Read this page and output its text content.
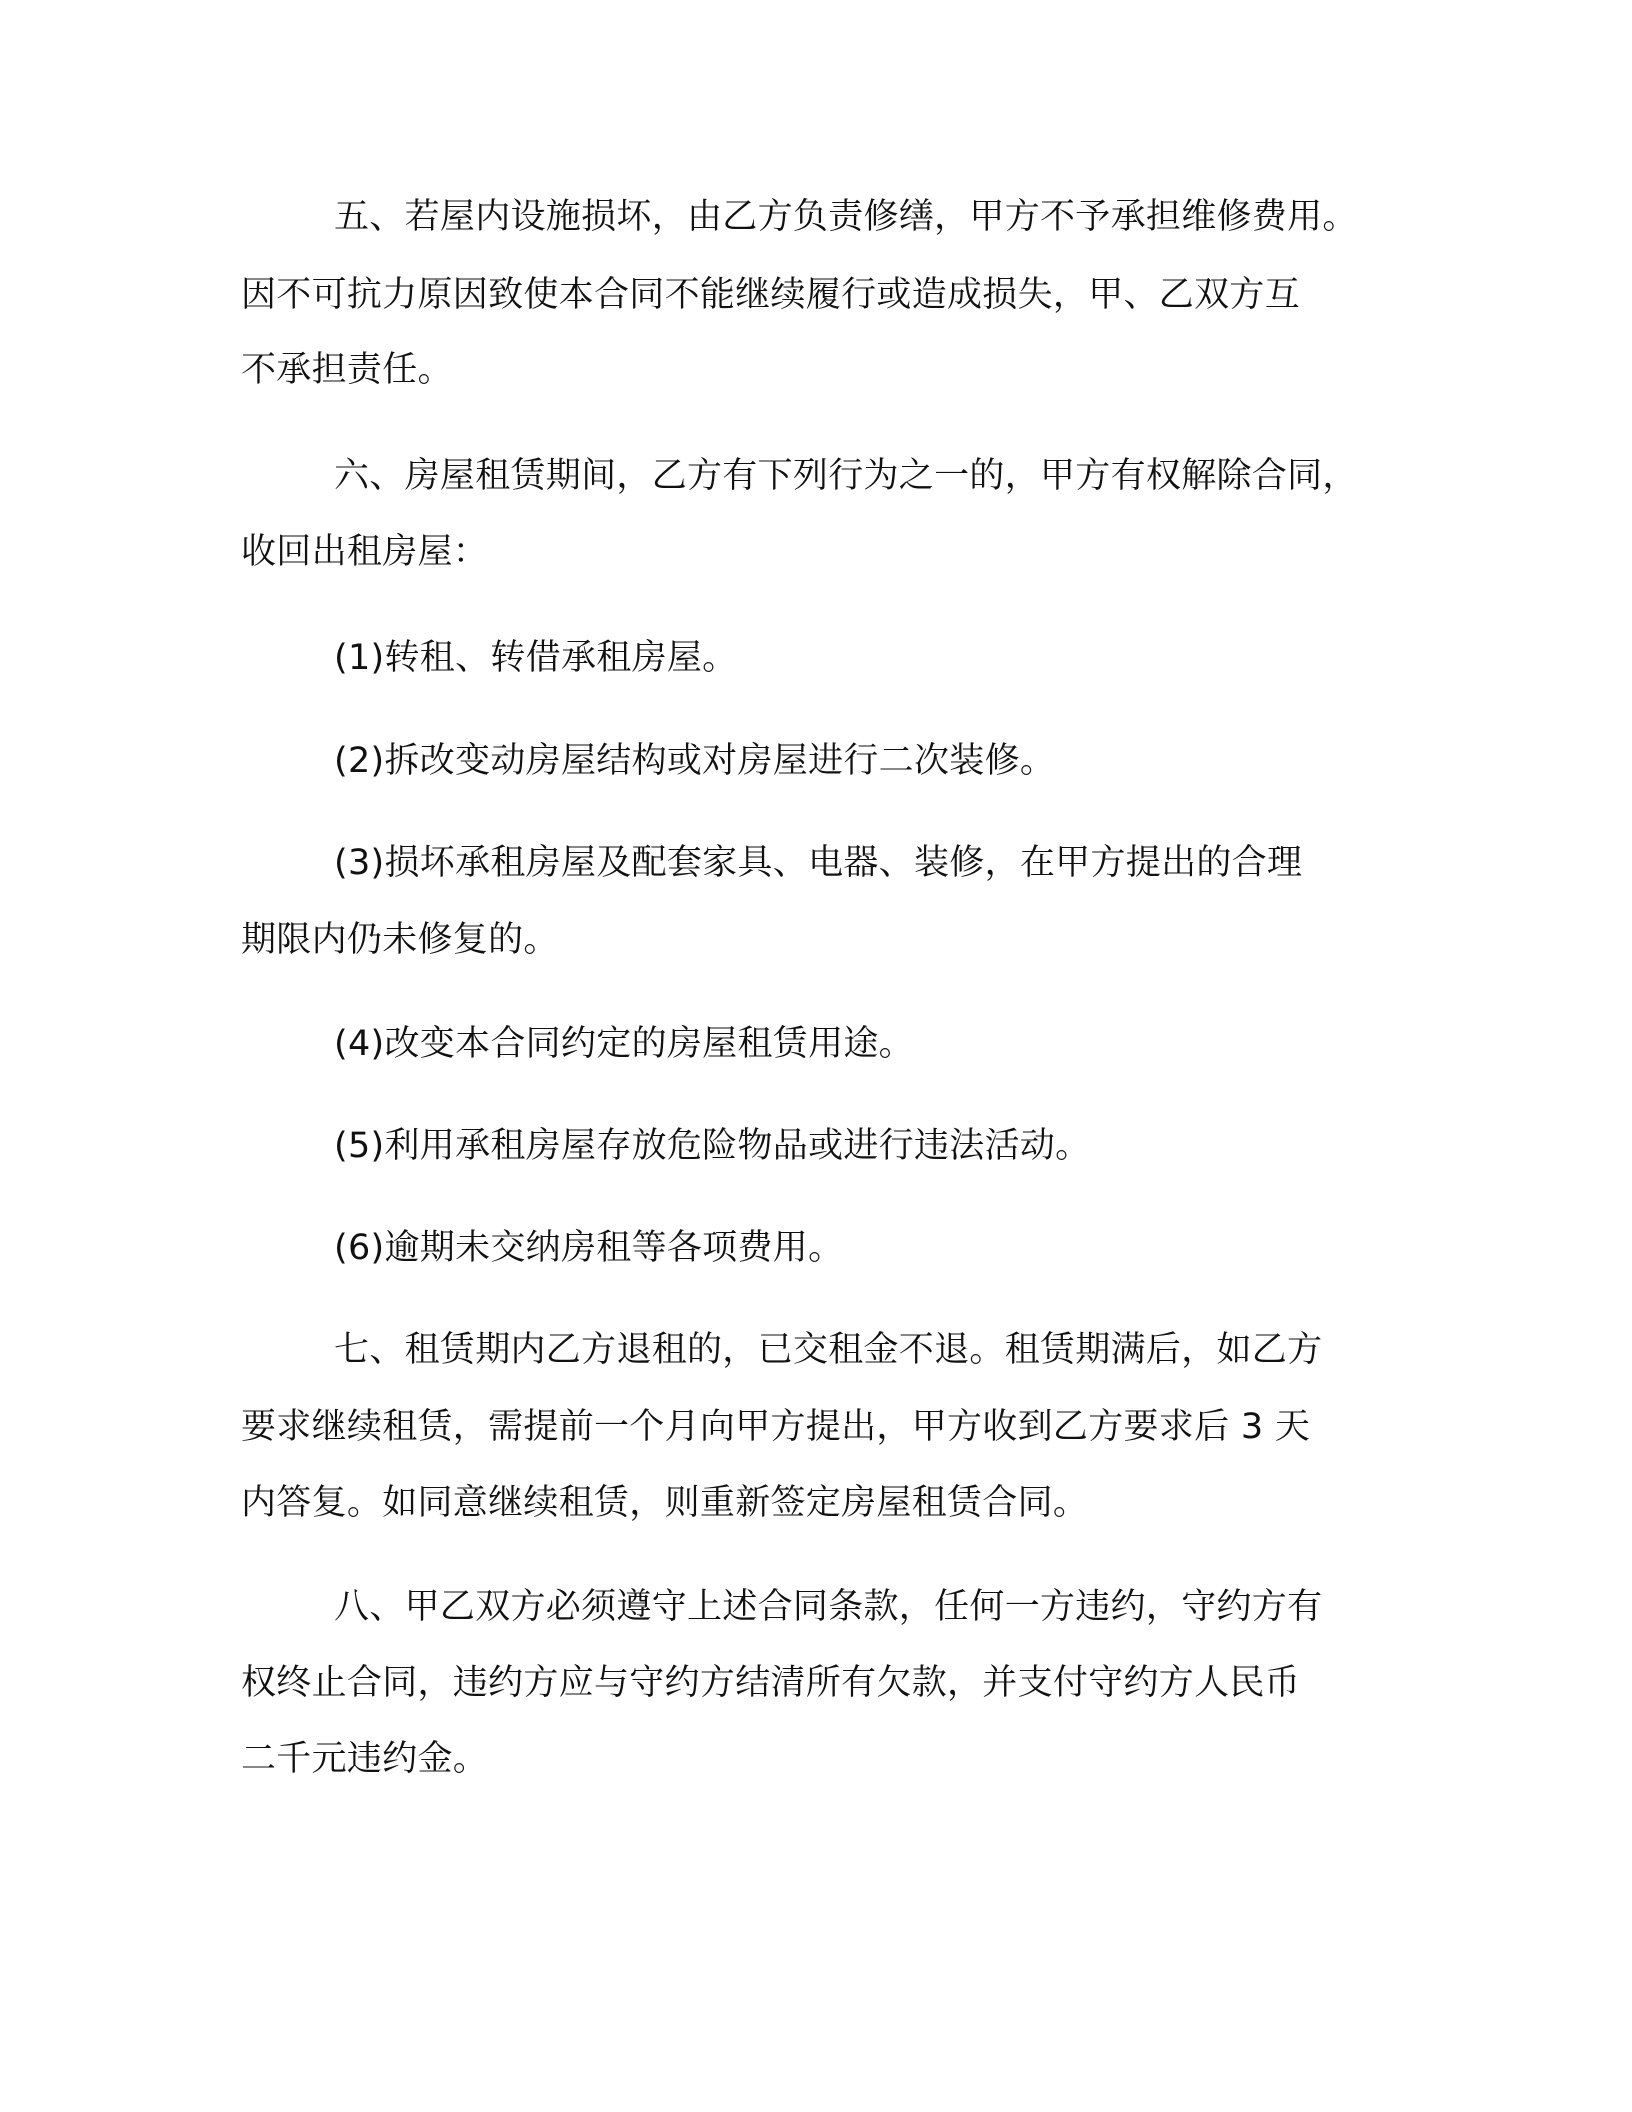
五、若屋内设施损坏，由乙方负责修缮，甲方不予承担维修费用。
因不可抗力原因致使本合同不能继续履行或造成损失，甲、乙双方互
不承担责任。
六、房屋租赁期间，乙方有下列行为之一的，甲方有权解除合同，
收回出租房屋：
(1)转租、转借承租房屋。
(2)拆改变动房屋结构或对房屋进行二次装修。
(3)损坏承租房屋及配套家具、电器、装修，在甲方提出的合理
期限内仍未修复的。
(4)改变本合同约定的房屋租赁用途。
(5)利用承租房屋存放危险物品或进行违法活动。
(6)逾期未交纳房租等各项费用。
七、租赁期内乙方退租的，已交租金不退。租赁期满后，如乙方
要求继续租赁，需提前一个月向甲方提出，甲方收到乙方要求后 3 天
内答复。如同意继续租赁，则重新签定房屋租赁合同。
八、甲乙双方必须遵守上述合同条款，任何一方违约，守约方有
权终止合同，违约方应与守约方结清所有欠款，并支付守约方人民币
二千元违约金。
